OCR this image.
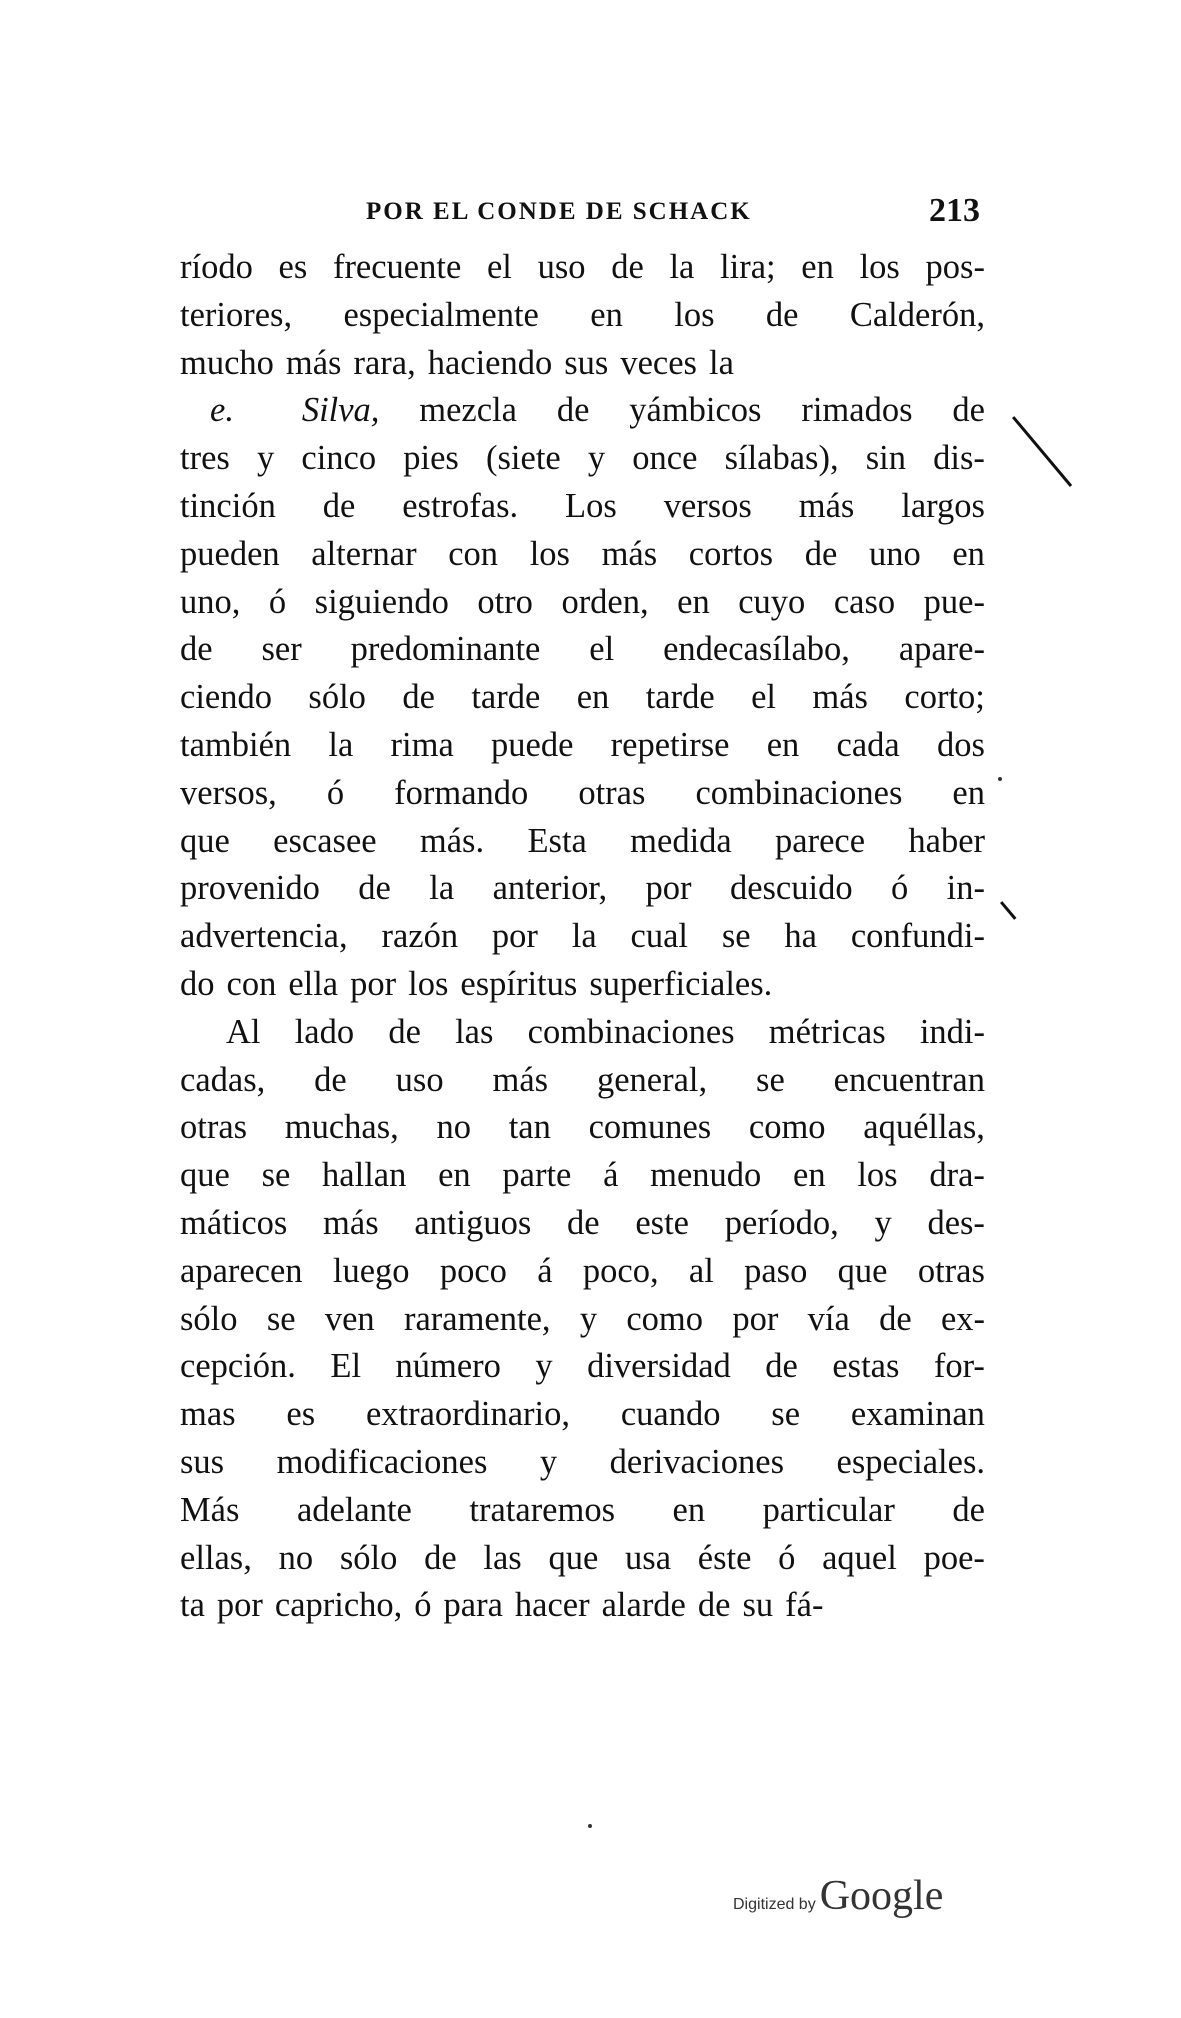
POR EL CONDE DE SCHACK	213
ríodo es frecuente el uso de la lira; en los pos-
teriores, especialmente en los de Calderón,
mucho más rara, haciendo sus veces la
e. Silva, mezcla de yámbicos rimados de
tres y cinco pies (siete y once sílabas), sin dis-
tinción de estrofas. Los versos más largos
pueden alternar con los más cortos de uno en
uno, ó siguiendo otro orden, en cuyo caso pue-
de ser predominante el endecasílabo, apare-
ciendo sólo de tarde en tarde el más corto;
también la rima puede repetirse en cada dos
versos, ó formando otras combinaciones en
que escasee más. Esta medida parece haber
provenido de la anterior, por descuido ó in-
advertencia, razón por la cual se ha confundi-
do con ella por los espíritus superficiales.
Al lado de las combinaciones métricas indi-
cadas, de uso más general, se encuentran
otras muchas, no tan comunes como aquéllas,
que se hallan en parte á menudo en los dra-
máticos más antiguos de este período, y des-
aparecen luego poco á poco, al paso que otras
sólo se ven raramente, y como por vía de ex-
cepción. El número y diversidad de estas for-
mas es extraordinario, cuando se examinan
sus modificaciones y derivaciones especiales.
Más adelante trataremos en particular de
ellas, no sólo de las que usa éste ó aquel poe-
ta por capricho, ó para hacer alarde de su fá-
Digitized by Google
